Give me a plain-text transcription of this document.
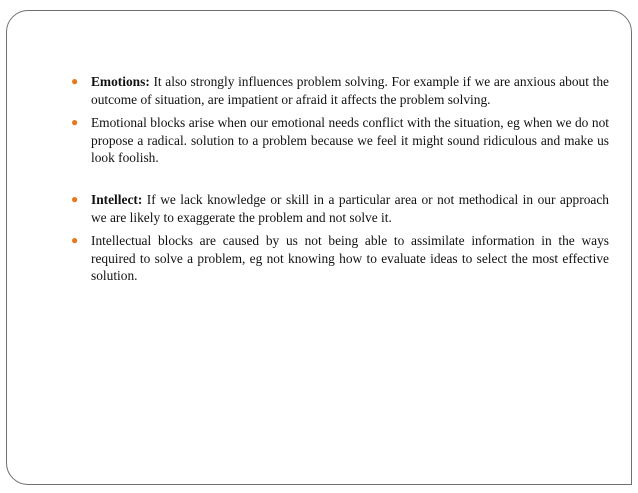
● Emotions: It also strongly influences problem solving. For example if we are anxious about the outcome of situation, are impatient or afraid it affects the problem solving.
● Emotional blocks arise when our emotional needs conflict with the situation, eg when we do not propose a radical. solution to a problem because we feel it might sound ridiculous and make us look foolish.
● Intellect: If we lack knowledge or skill in a particular area or not methodical in our approach we are likely to exaggerate the problem and not solve it.
● Intellectual blocks are caused by us not being able to assimilate information in the ways required to solve a problem, eg not knowing how to evaluate ideas to select the most effective solution.
